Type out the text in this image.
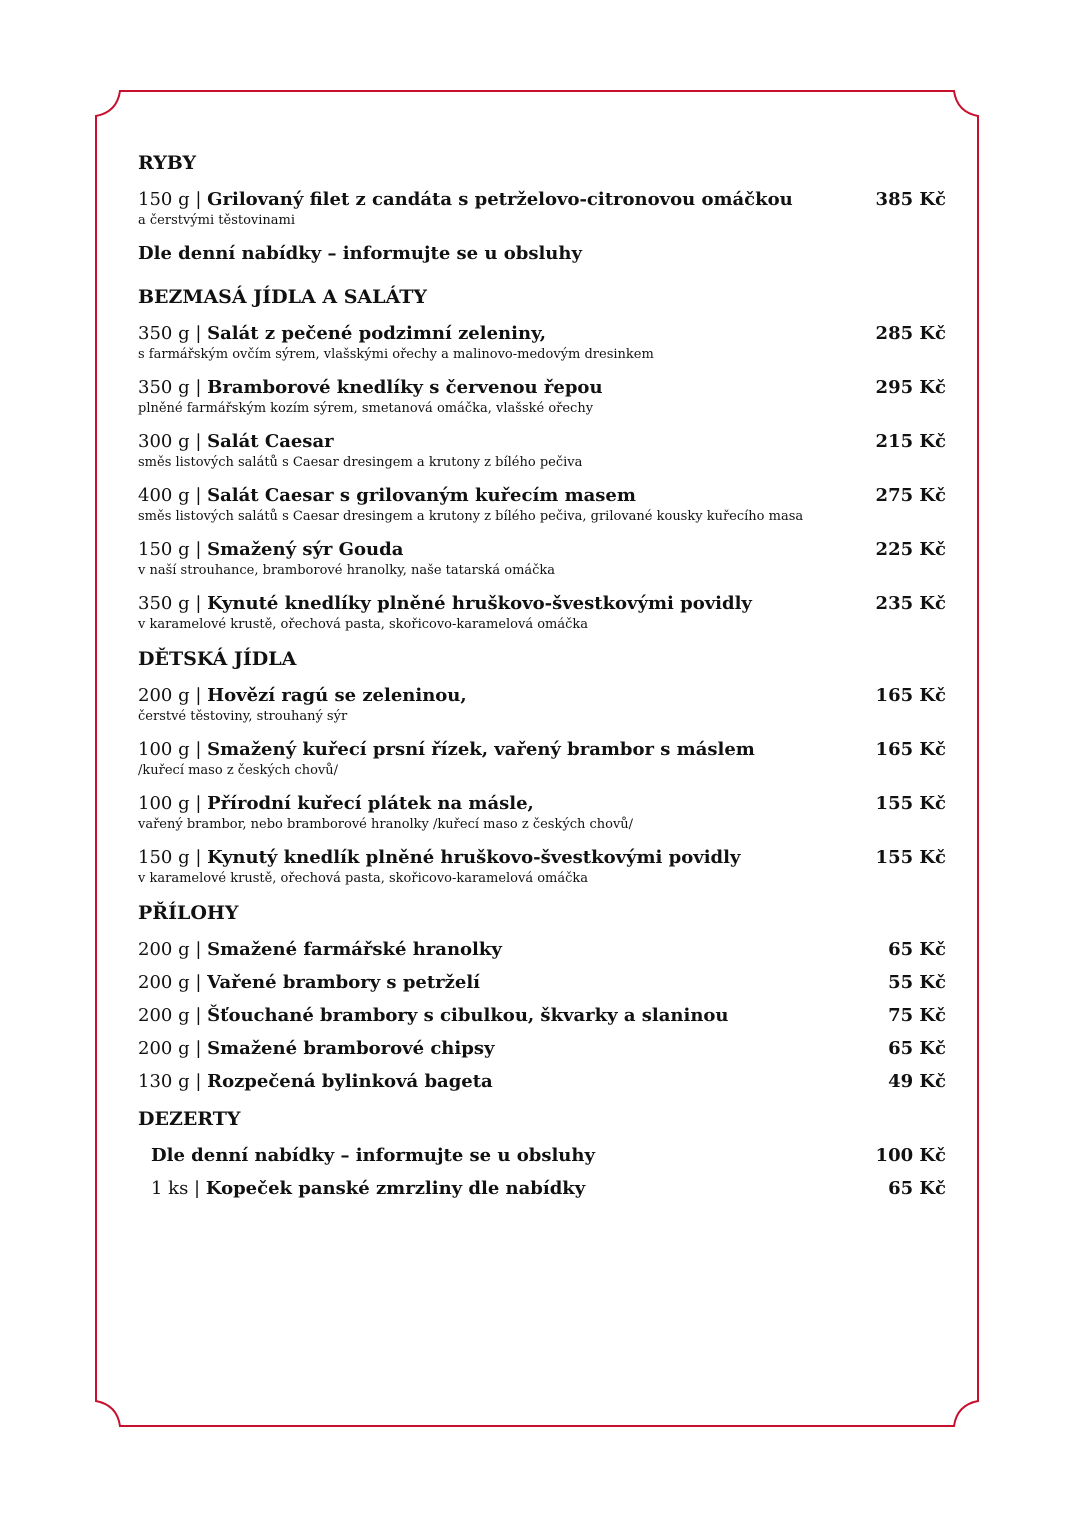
RYBY
150 g | Grilovaný filet z candáta s petrželovo-citronovou omáčkou	385 Kč
a čerstvými těstovinami
Dle denní nabídky – informujte se u obsluhy
BEZMASÁ JÍDLA A SALÁTY
350 g | Salát z pečené podzimní zeleniny,	285 Kč
s farmářským ovčím sýrem, vlašskými ořechy a malinovo-medovým dresinkem
350 g | Bramborové knedlíky s červenou řepou	295 Kč
plněné farmářským kozím sýrem, smetanová omáčka, vlašské ořechy
300 g | Salát Caesar	215 Kč
směs listových salátů s Caesar dresingem a krutony z bílého pečiva
400 g | Salát Caesar s grilovaným kuřecím masem	275 Kč
směs listových salátů s Caesar dresingem a krutony z bílého pečiva, grilované kousky kuřecího masa
150 g | Smažený sýr Gouda	225 Kč
v naší strouhance, bramborové hranolky, naše tatarská omáčka
350 g | Kynuté knedlíky plněné hruškovo-švestkovými povidly	235 Kč
v karamelové krustě, ořechová pasta, skořicovo-karamelová omáčka
DĚTSKÁ JÍDLA
200 g | Hovězí ragú se zeleninou,	165 Kč
čerstvé těstoviny, strouhaný sýr
100 g | Smažený kuřecí prsní řízek, vařený brambor s máslem	165 Kč
/kuřecí maso z českých chovů/
100 g | Přírodní kuřecí plátek na másle,	155 Kč
vařený brambor, nebo bramborové hranolky /kuřecí maso z českých chovů/
150 g | Kynutý knedlík plněné hruškovo-švestkovými povidly	155 Kč
v karamelové krustě, ořechová pasta, skořicovo-karamelová omáčka
PŘÍLOHY
200 g | Smažené farmářské hranolky	65 Kč
200 g | Vařené brambory s petrželí	55 Kč
200 g | Šťouchané brambory s cibulkou, škvarky a slaninou	75 Kč
200 g | Smažené bramborové chipsy	65 Kč
130 g | Rozpečená bylinková bageta	49 Kč
DEZERTY
Dle denní nabídky – informujte se u obsluhy	100 Kč
1 ks | Kopeček panské zmrzliny dle nabídky	65 Kč
